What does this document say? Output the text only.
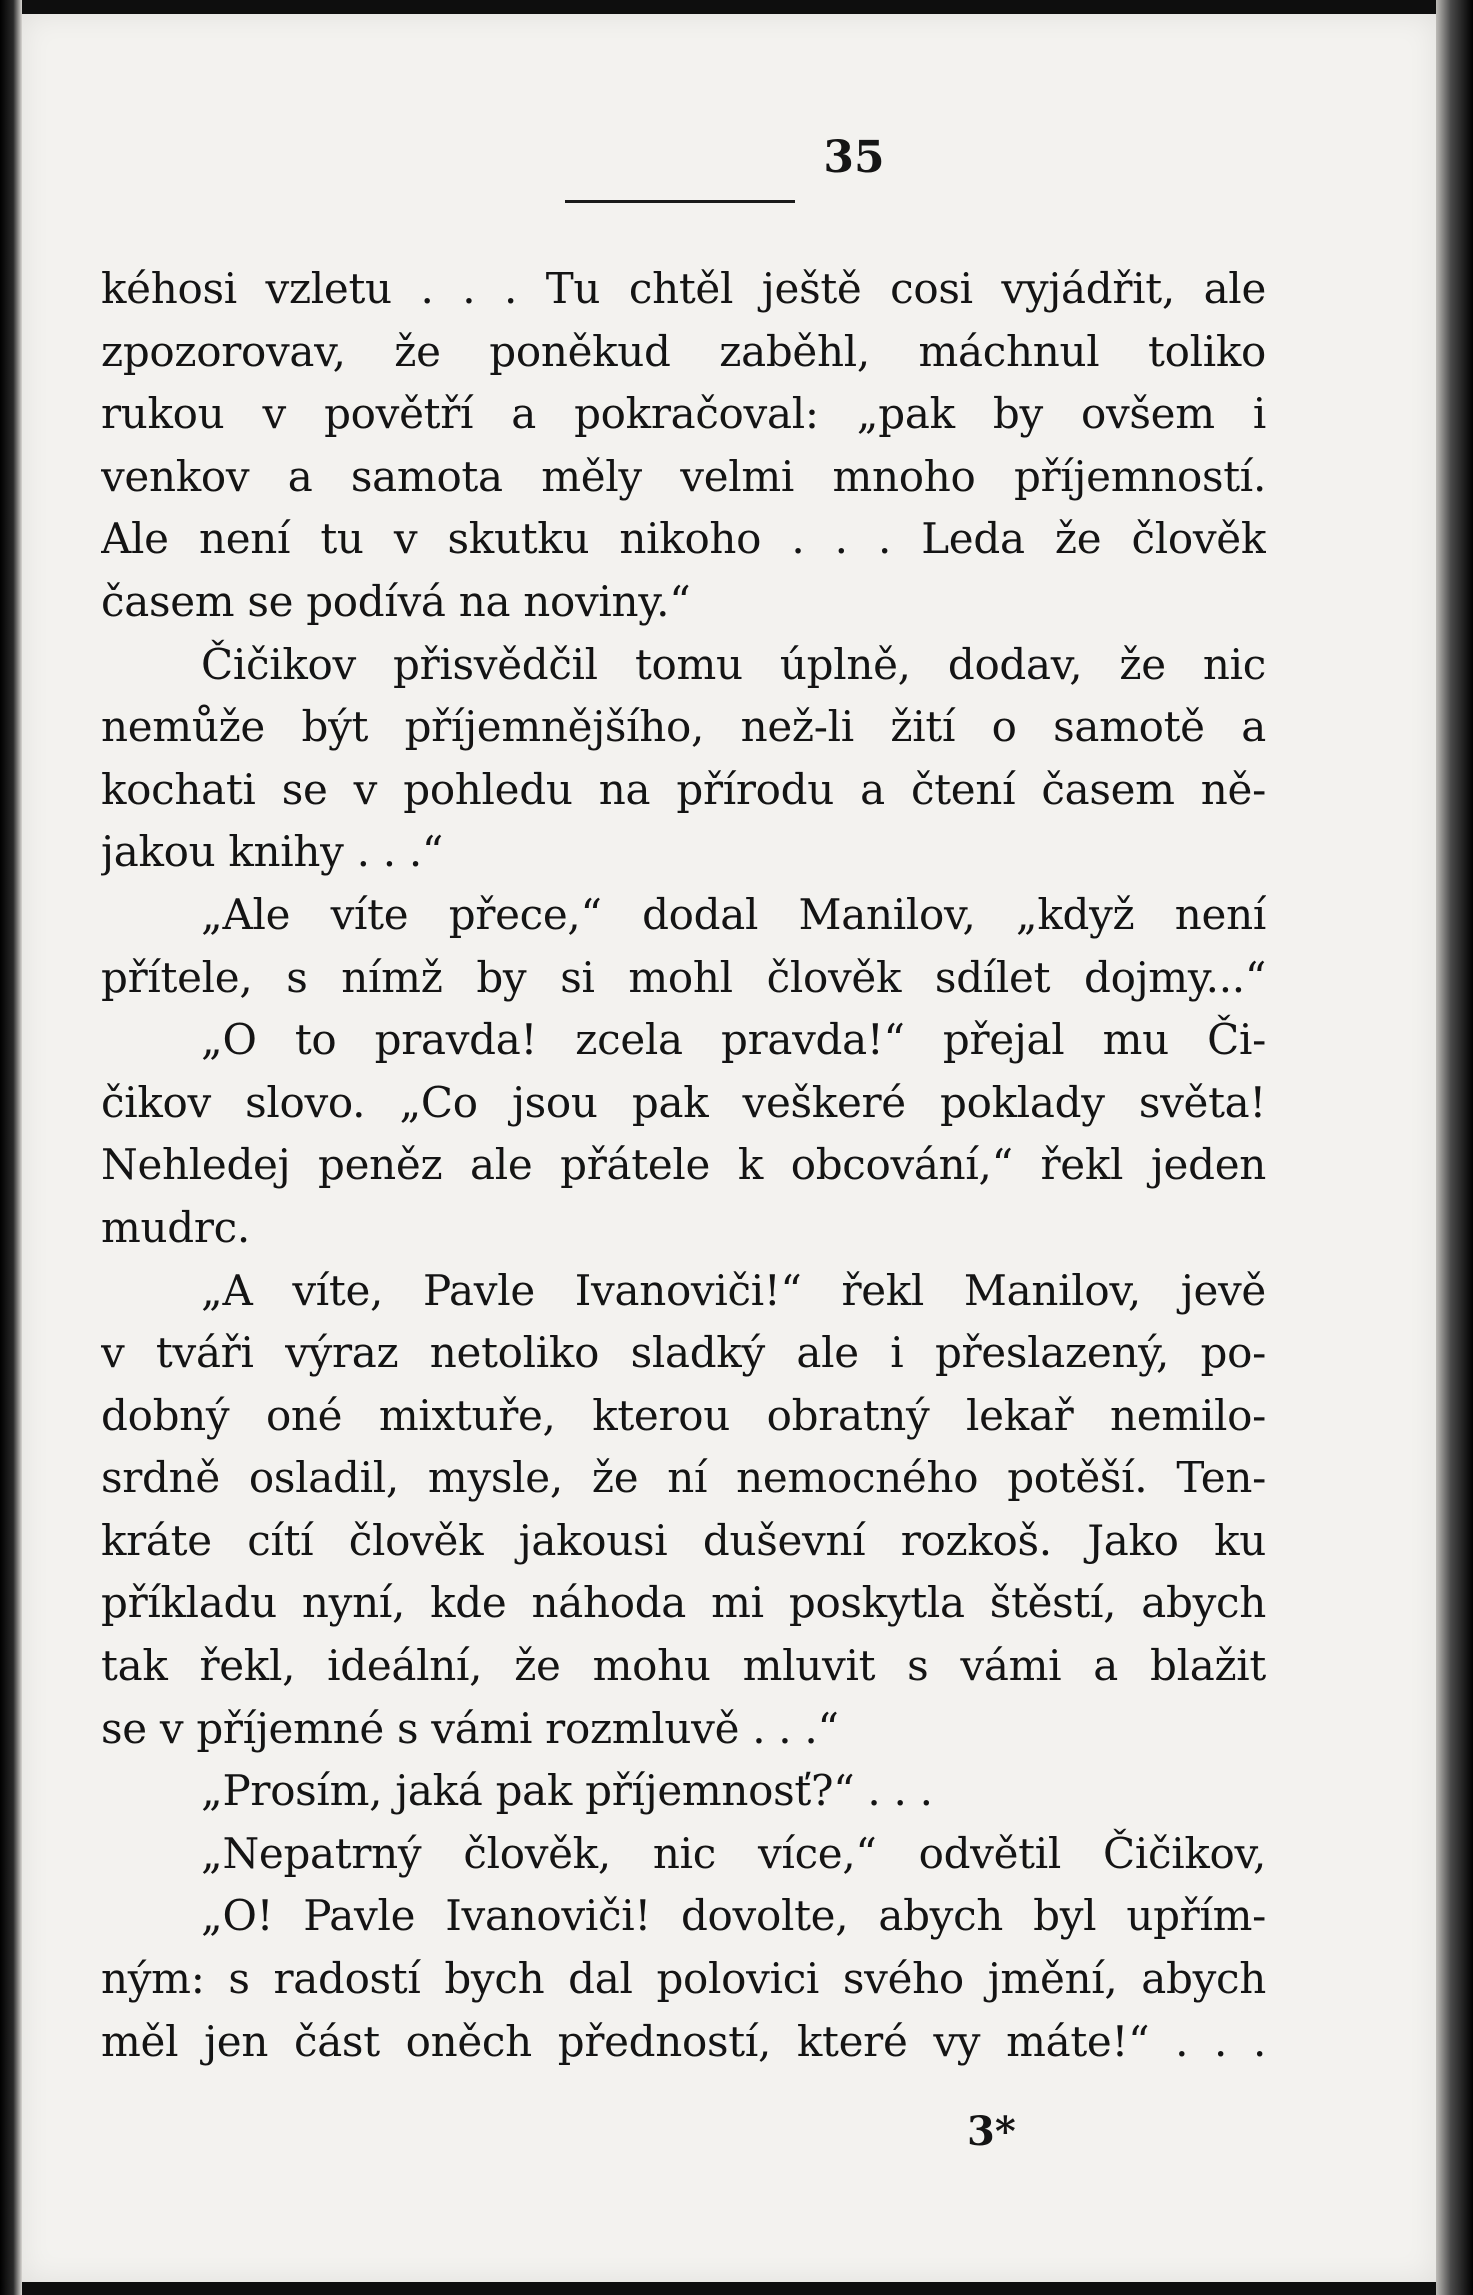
35
kéhosi vzletu . . . Tu chtěl ještě cosi vyjádřit, ale
zpozorovav, že poněkud zaběhl, máchnul toliko
rukou v povětří a pokračoval: „pak by ovšem i
venkov a samota měly velmi mnoho příjemností.
Ale není tu v skutku nikoho . . . Leda že člověk
časem se podívá na noviny.“
Čičikov přisvědčil tomu úplně, dodav, že nic
nemůže být příjemnějšího, než-li žití o samotě a
kochati se v pohledu na přírodu a čtení časem ně-
jakou knihy . . .“
„Ale víte přece,“ dodal Manilov, „když není
přítele, s nímž by si mohl člověk sdílet dojmy...“
„O to pravda! zcela pravda!“ přejal mu Či-
čikov slovo. „Co jsou pak veškeré poklady světa!
Nehledej peněz ale přátele k obcování,“ řekl jeden
mudrc.
„A víte, Pavle Ivanoviči!“ řekl Manilov, jevě
v tváři výraz netoliko sladký ale i přeslazený, po-
dobný oné mixtuře, kterou obratný lekař nemilo-
srdně osladil, mysle, že ní nemocného potěší. Ten-
kráte cítí člověk jakousi duševní rozkoš. Jako ku
příkladu nyní, kde náhoda mi poskytla štěstí, abych
tak řekl, ideální, že mohu mluvit s vámi a blažit
se v příjemné s vámi rozmluvě . . .“
„Prosím, jaká pak příjemnosť?“ . . .
„Nepatrný člověk, nic více,“ odvětil Čičikov,
„O! Pavle Ivanoviči! dovolte, abych byl upřím-
ným: s radostí bych dal polovici svého jmění, abych
měl jen část oněch předností, které vy máte!“ . . .
3*
